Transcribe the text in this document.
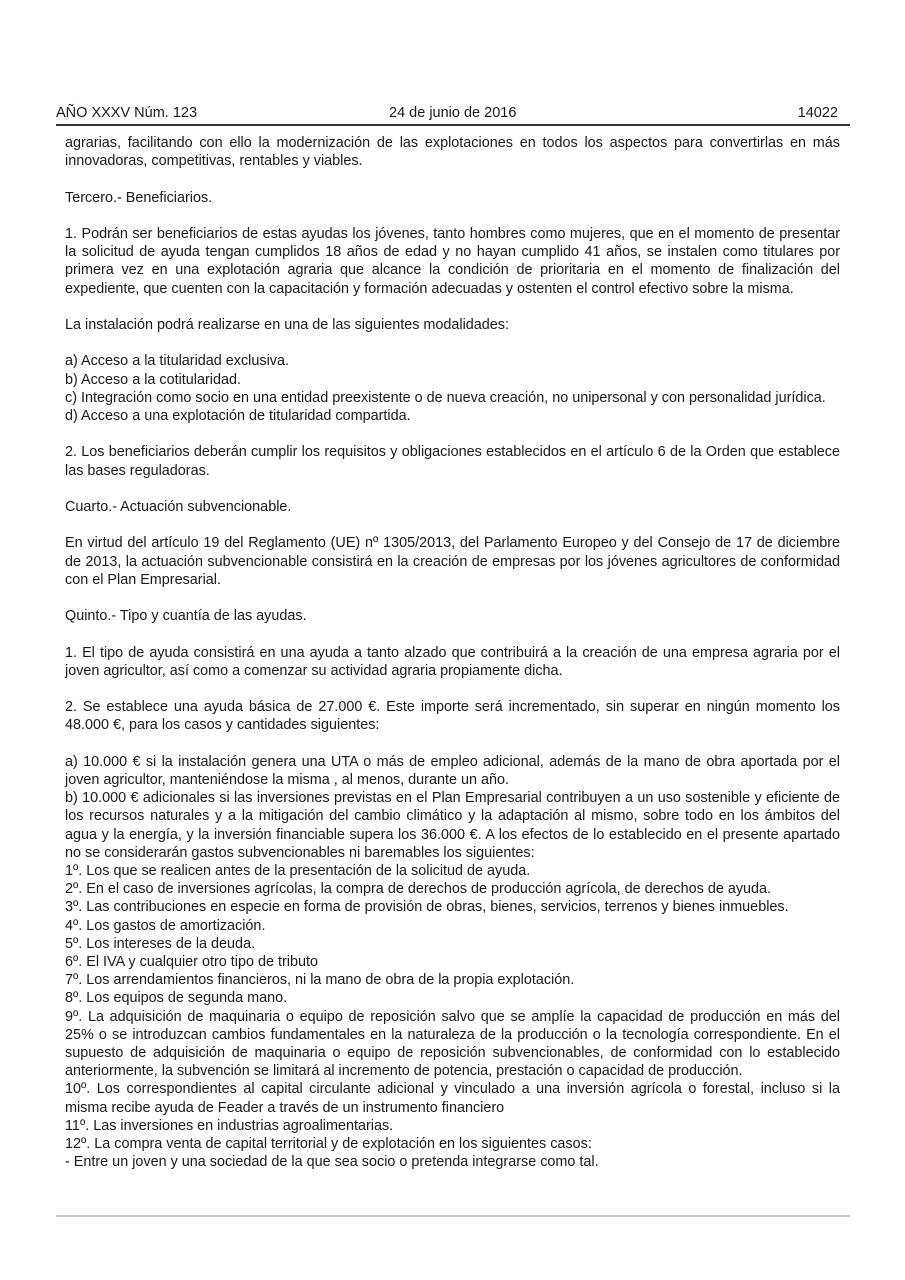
AÑO XXXV Núm. 123	24 de junio de 2016	14022

agrarias, facilitando con ello la modernización de las explotaciones en todos los aspectos para convertirlas en más innovadoras, competitivas, rentables y viables.

Tercero.- Beneficiarios.

1. Podrán ser beneficiarios de estas ayudas los jóvenes, tanto hombres como mujeres, que en el momento de presentar la solicitud de ayuda tengan cumplidos 18 años de edad y no hayan cumplido 41 años, se instalen como titulares por primera vez en una explotación agraria que alcance la condición de prioritaria en el momento de finalización del expediente, que cuenten con la capacitación y formación adecuadas y ostenten el control efectivo sobre la misma.

La instalación podrá realizarse en una de las siguientes modalidades:

a) Acceso a la titularidad exclusiva.
b) Acceso a la cotitularidad.
c) Integración como socio en una entidad preexistente o de nueva creación, no unipersonal y con personalidad jurídica.
d) Acceso a una explotación de titularidad compartida.

2. Los beneficiarios deberán cumplir los requisitos y obligaciones establecidos en el artículo 6 de la Orden que establece las bases reguladoras.

Cuarto.- Actuación subvencionable.

En virtud del artículo 19 del Reglamento (UE) nº 1305/2013, del Parlamento Europeo y del Consejo de 17 de diciembre de 2013, la actuación subvencionable consistirá en la creación de empresas por los jóvenes agricultores de conformidad con el Plan Empresarial.

Quinto.- Tipo y cuantía de las ayudas.

1. El tipo de ayuda consistirá en una ayuda a tanto alzado que contribuirá a la creación de una empresa agraria por el joven agricultor, así como a comenzar su actividad agraria propiamente dicha.

2. Se establece una ayuda básica de 27.000 €. Este importe será incrementado, sin superar en ningún momento los 48.000 €, para los casos y cantidades siguientes:

a) 10.000 € si la instalación genera una UTA o más de empleo adicional, además de la mano de obra aportada por el joven agricultor, manteniéndose la misma , al menos, durante un año.
b) 10.000 € adicionales si las inversiones previstas en el Plan Empresarial contribuyen a un uso sostenible y eficiente de los recursos naturales y a la mitigación del cambio climático y la adaptación al mismo, sobre todo en los ámbitos del agua y la energía, y la inversión financiable supera los 36.000 €. A los efectos de lo establecido en el presente apartado no se considerarán gastos subvencionables ni baremables los siguientes:
1º. Los que se realicen antes de la presentación de la solicitud de ayuda.
2º. En el caso de inversiones agrícolas, la compra de derechos de producción agrícola, de derechos de ayuda.
3º. Las contribuciones en especie en forma de provisión de obras, bienes, servicios, terrenos y bienes inmuebles.
4º. Los gastos de amortización.
5º. Los intereses de la deuda.
6º. El IVA y cualquier otro tipo de tributo
7º. Los arrendamientos financieros, ni la mano de obra de la propia explotación.
8º. Los equipos de segunda mano.
9º. La adquisición de maquinaria o equipo de reposición salvo que se amplíe la capacidad de producción en más del 25% o se introduzcan cambios fundamentales en la naturaleza de la producción o la tecnología correspondiente. En el supuesto de adquisición de maquinaria o equipo de reposición subvencionables, de conformidad con lo establecido anteriormente, la subvención se limitará al incremento de potencia, prestación o capacidad de producción.
10º. Los correspondientes al capital circulante adicional y vinculado a una inversión agrícola o forestal, incluso si la misma recibe ayuda de Feader a través de un instrumento financiero
11º. Las inversiones en industrias agroalimentarias.
12º. La compra venta de capital territorial y de explotación en los siguientes casos:
- Entre un joven y una sociedad de la que sea socio o pretenda integrarse como tal.
